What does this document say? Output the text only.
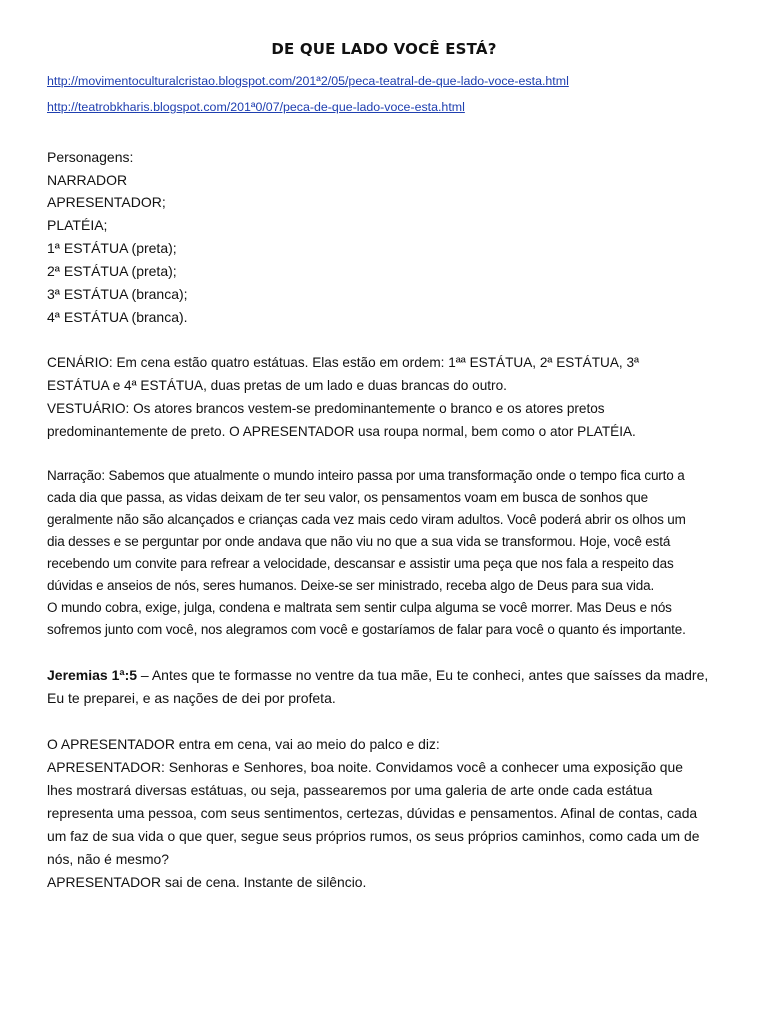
DE QUE LADO VOCÊ ESTÁ?
http://movimentoculturalcristao.blogspot.com/201ª2/05/peca-teatral-de-que-lado-voce-esta.html
http://teatrobkharis.blogspot.com/201ª0/07/peca-de-que-lado-voce-esta.html
Personagens:
NARRADOR
APRESENTADOR;
PLATÉIA;
1ª ESTÁTUA (preta);
2ª ESTÁTUA (preta);
3ª ESTÁTUA (branca);
4ª ESTÁTUA (branca).
CENÁRIO: Em cena estão quatro estátuas. Elas estão em ordem: 1ªª ESTÁTUA, 2ª ESTÁTUA, 3ª
ESTÁTUA e 4ª ESTÁTUA, duas pretas de um lado e duas brancas do outro.
VESTUÁRIO: Os atores brancos vestem-se predominantemente o branco e os atores pretos
predominantemente de preto. O APRESENTADOR usa roupa normal, bem como o ator PLATÉIA.
Narração: Sabemos que atualmente o mundo inteiro passa por uma transformação onde o tempo fica curto a
cada dia que passa, as vidas deixam de ter seu valor, os pensamentos voam em busca de sonhos que
geralmente não são alcançados e crianças cada vez mais cedo viram adultos. Você poderá abrir os olhos um
dia desses e se perguntar por onde andava que não viu no que a sua vida se transformou. Hoje, você está
recebendo um convite para refrear a velocidade, descansar e assistir uma peça que nos fala a respeito das
dúvidas e anseios de nós, seres humanos. Deixe-se ser ministrado, receba algo de Deus para sua vida.
O mundo cobra, exige, julga, condena e maltrata sem sentir culpa alguma se você morrer. Mas Deus e nós
sofremos junto com você, nos alegramos com você e gostaríamos de falar para você o quanto és importante.
Jeremias 1ª:5 – Antes que te formasse no ventre da tua mãe, Eu te conheci, antes que saísses da madre,
Eu te preparei, e as nações de dei por profeta.
O APRESENTADOR entra em cena, vai ao meio do palco e diz:
APRESENTADOR: Senhoras e Senhores, boa noite. Convidamos você a conhecer uma exposição que
lhes mostrará diversas estátuas, ou seja, passearemos por uma galeria de arte onde cada estátua
representa uma pessoa, com seus sentimentos, certezas, dúvidas e pensamentos. Afinal de contas, cada
um faz de sua vida o que quer, segue seus próprios rumos, os seus próprios caminhos, como cada um de
nós, não é mesmo?
APRESENTADOR sai de cena. Instante de silêncio.
